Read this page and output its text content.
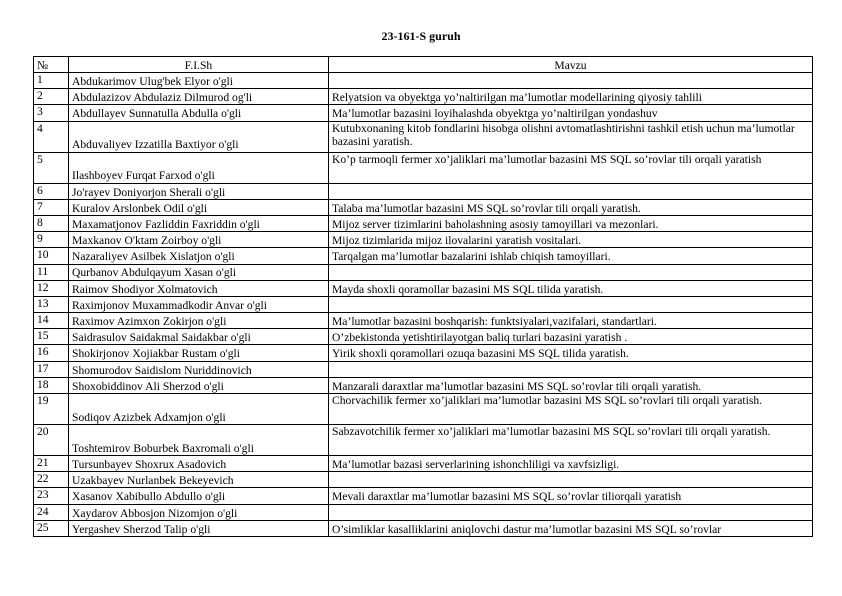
23-161-S guruh
№	F.I.Sh	Mavzu
1	Abdukarimov Ulug'bek Elyor o'gli	
2	Abdulazizov Abdulaziz Dilmurod og'li	Relyatsion va obyektga yo’naltirilgan ma’lumotlar modellarining qiyosiy tahlili
3	Abdullayev Sunnatulla Abdulla o'gli	Ma’lumotlar bazasini loyihalashda obyektga yo’naltirilgan yondashuv
4	Abduvaliyev Izzatilla Baxtiyor o'gli	Kutubxonaning kitob fondlarini hisobga olishni avtomatlashtirishni tashkil etish uchun ma’lumotlar bazasini yaratish.
5	Ilashboyev Furqat Farxod o'gli	Ko’p tarmoqli fermer xo’jaliklari ma’lumotlar bazasini MS SQL so’rovlar tili orqali yaratish
6	Jo'rayev Doniyorjon Sherali o'gli	
7	Kuralov Arslonbek Odil o'gli	Talaba ma’lumotlar bazasini MS SQL so’rovlar tili orqali yaratish.
8	Maxamatjonov Fazliddin Faxriddin o'gli	Mijoz server tizimlarini baholashning asosiy tamoyillari va mezonlari.
9	Maxkanov O'ktam Zoirboy o'gli	Mijoz tizimlarida mijoz ilovalarini yaratish vositalari.
10	Nazaraliyev Asilbek Xislatjon o'gli	Tarqalgan ma’lumotlar bazalarini ishlab chiqish tamoyillari.
11	Qurbanov Abdulqayum Xasan o'gli	
12	Raimov Shodiyor Xolmatovich	Mayda shoxli qoramollar bazasini MS SQL tilida yaratish.
13	Raximjonov Muxammadkodir Anvar o'gli	
14	Raximov Azimxon Zokirjon o'gli	Ma’lumotlar bazasini boshqarish: funktsiyalari,vazifalari, standartlari.
15	Saidrasulov Saidakmal Saidakbar o'gli	O’zbekistonda yetishtirilayotgan baliq turlari bazasini yaratish .
16	Shokirjonov Xojiakbar Rustam o'gli	Yirik shoxli qoramollari ozuqa bazasini MS SQL tilida yaratish.
17	Shomurodov Saidislom Nuriddinovich	
18	Shoxobiddinov Ali Sherzod o'gli	Manzarali daraxtlar ma’lumotlar bazasini MS SQL so’rovlar tili orqali yaratish.
19	Sodiqov Azizbek Adxamjon o'gli	Chorvachilik fermer xo’jaliklari ma’lumotlar bazasini MS SQL so’rovlari tili orqali yaratish.
20	Toshtemirov Boburbek Baxromali o'gli	Sabzavotchilik fermer xo’jaliklari ma’lumotlar bazasini MS SQL so’rovlari tili orqali yaratish.
21	Tursunbayev Shoxrux Asadovich	Ma’lumotlar bazasi serverlarining ishonchliligi va xavfsizligi.
22	Uzakbayev Nurlanbek Bekeyevich	
23	Xasanov Xabibullo Abdullo o'gli	Mevali daraxtlar ma’lumotlar bazasini MS SQL so’rovlar tiliorqali yaratish
24	Xaydarov Abbosjon Nizomjon o'gli	
25	Yergashev Sherzod Talip o'gli	O’simliklar kasalliklarini aniqlovchi dastur ma’lumotlar bazasini MS SQL so’rovlar
